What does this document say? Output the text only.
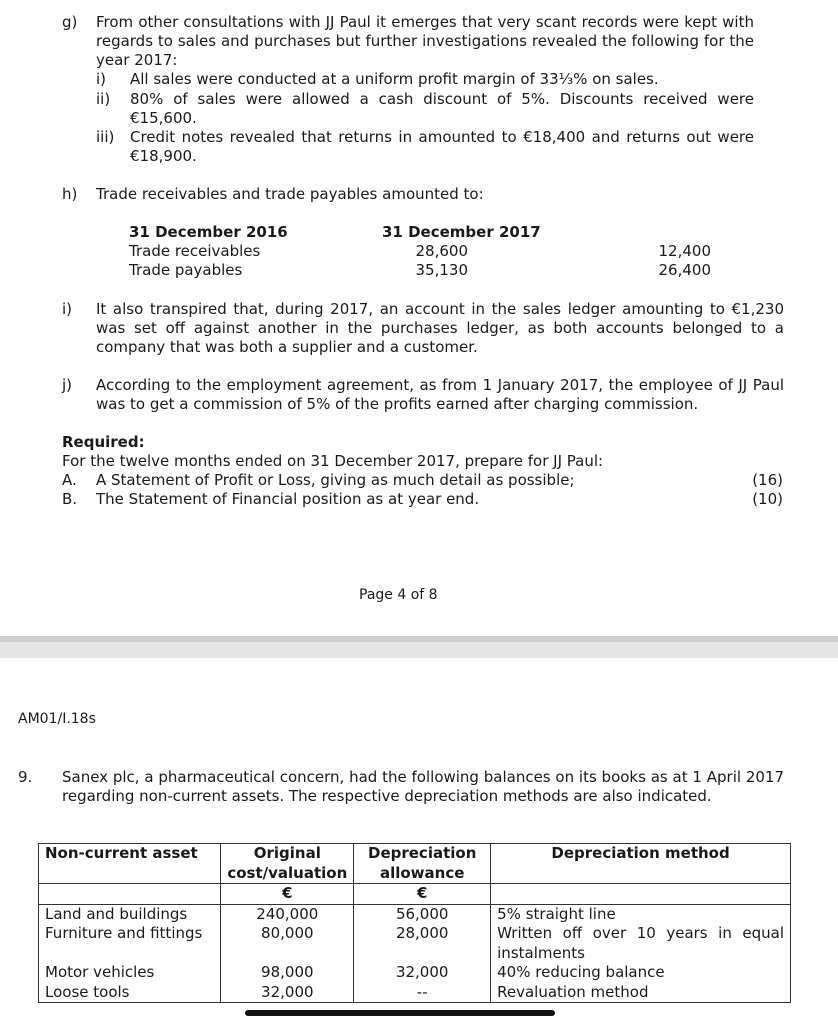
g) From other consultations with JJ Paul it emerges that very scant records were kept with regards to sales and purchases but further investigations revealed the following for the year 2017:
i) All sales were conducted at a uniform profit margin of 33⅓% on sales.
ii) 80% of sales were allowed a cash discount of 5%. Discounts received were €15,600.
iii) Credit notes revealed that returns in amounted to €18,400 and returns out were €18,900.
h) Trade receivables and trade payables amounted to:
31 December 2016	31 December 2017
Trade receivables	28,600	12,400
Trade payables	35,130	26,400
i) It also transpired that, during 2017, an account in the sales ledger amounting to €1,230 was set off against another in the purchases ledger, as both accounts belonged to a company that was both a supplier and a customer.
j) According to the employment agreement, as from 1 January 2017, the employee of JJ Paul was to get a commission of 5% of the profits earned after charging commission.
Required:
For the twelve months ended on 31 December 2017, prepare for JJ Paul:
A. A Statement of Profit or Loss, giving as much detail as possible;	(16)
B. The Statement of Financial position as at year end.	(10)
Page 4 of 8
AM01/I.18s
9. Sanex plc, a pharmaceutical concern, had the following balances on its books as at 1 April 2017 regarding non-current assets. The respective depreciation methods are also indicated.
Non-current asset	Original cost/valuation	Depreciation allowance	Depreciation method
	€	€	
Land and buildings	240,000	56,000	5% straight line
Furniture and fittings	80,000	28,000	Written off over 10 years in equal instalments
Motor vehicles	98,000	32,000	40% reducing balance
Loose tools	32,000	--	Revaluation method
